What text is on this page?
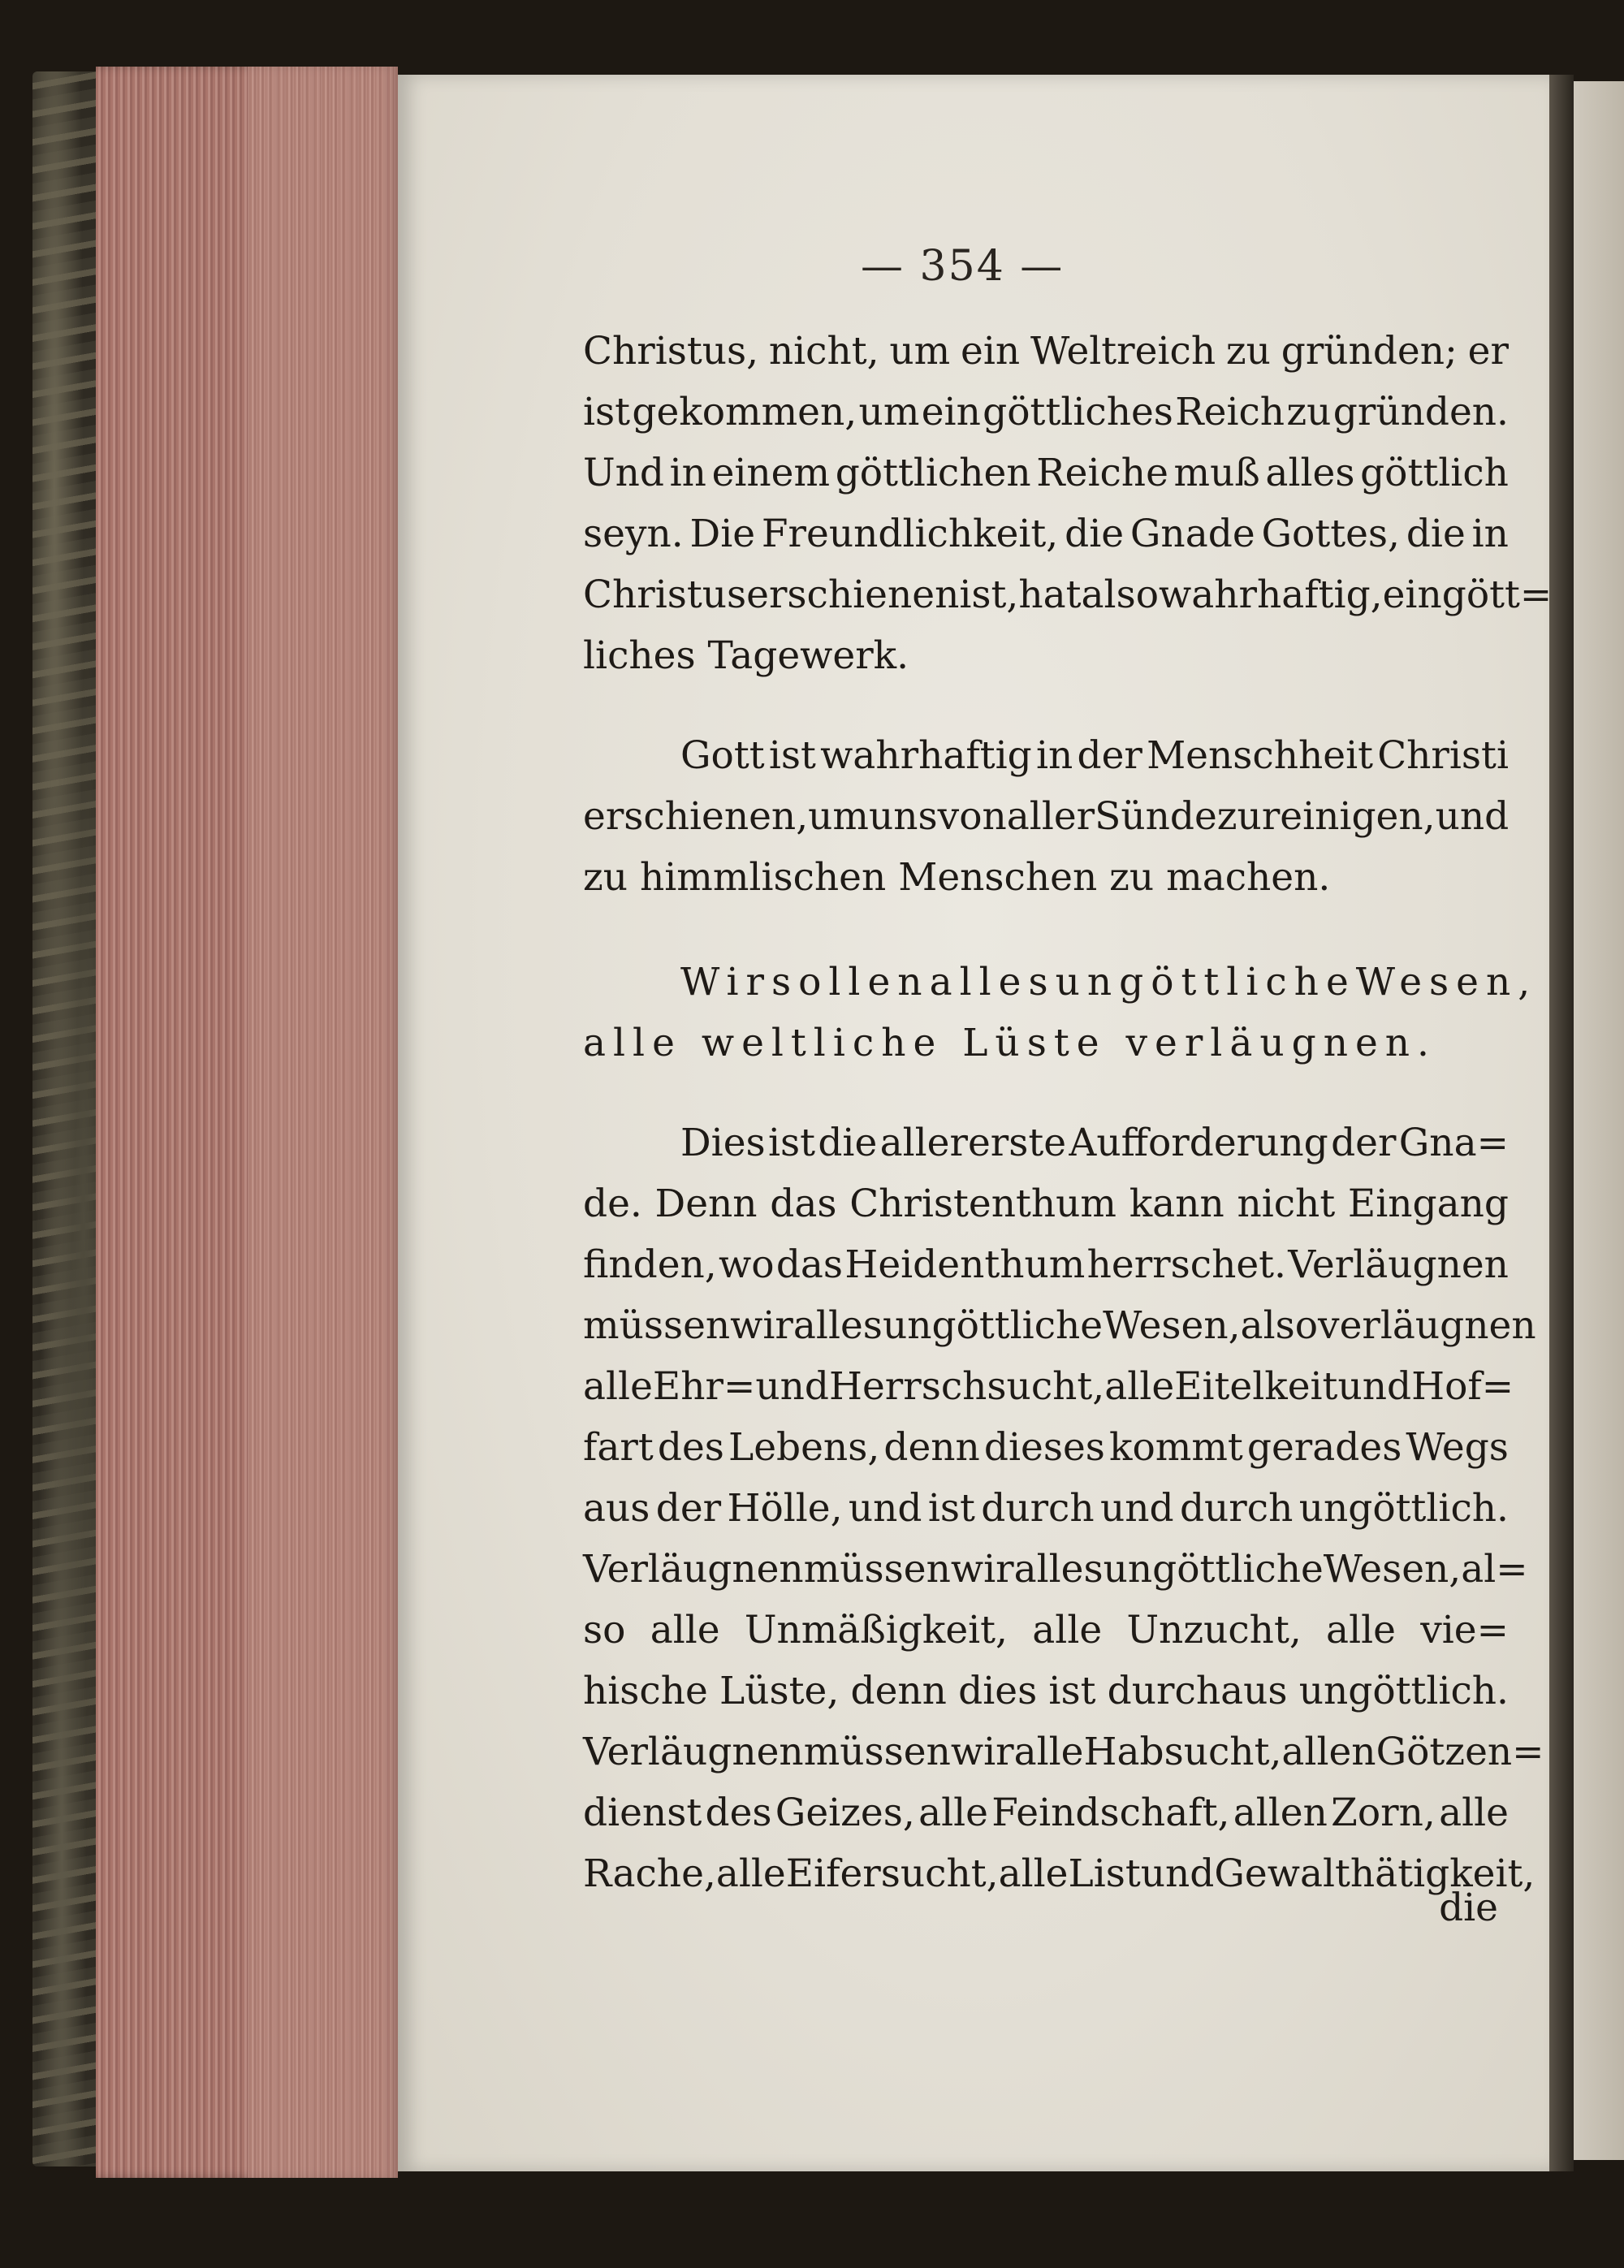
— 354 —
Christus, nicht, um ein Weltreich zu gründen; er
ist gekommen, um ein göttliches Reich zu gründen.
Und in einem göttlichen Reiche muß alles göttlich
seyn. Die Freundlichkeit, die Gnade Gottes, die in
Christus erschienen ist, hat also wahrhaftig, ein gött=
liches Tagewerk.
Gott ist wahrhaftig in der Menschheit Christi
erschienen, um uns von aller Sünde zu reinigen, und
zu himmlischen Menschen zu machen.
Wir sollen alles ungöttliche Wesen,
alle weltliche Lüste verläugnen.
Dies ist die allererste Aufforderung der Gna=
de. Denn das Christenthum kann nicht Eingang
finden, wo das Heidenthum herrschet. Verläugnen
müssen wir alles ungöttliche Wesen, also verläugnen
alle Ehr = und Herrschsucht, alle Eitelkeit und Hof=
fart des Lebens, denn dieses kommt gerades Wegs
aus der Hölle, und ist durch und durch ungöttlich.
Verläugnen müssen wir alles ungöttliche Wesen, al=
so alle Unmäßigkeit, alle Unzucht, alle vie=
hische Lüste, denn dies ist durchaus ungöttlich.
Verläugnen müssen wir alle Habsucht, allen Götzen=
dienst des Geizes, alle Feindschaft, allen Zorn, alle
Rache, alle Eifersucht, alle List und Gewalthätigkeit,
die
